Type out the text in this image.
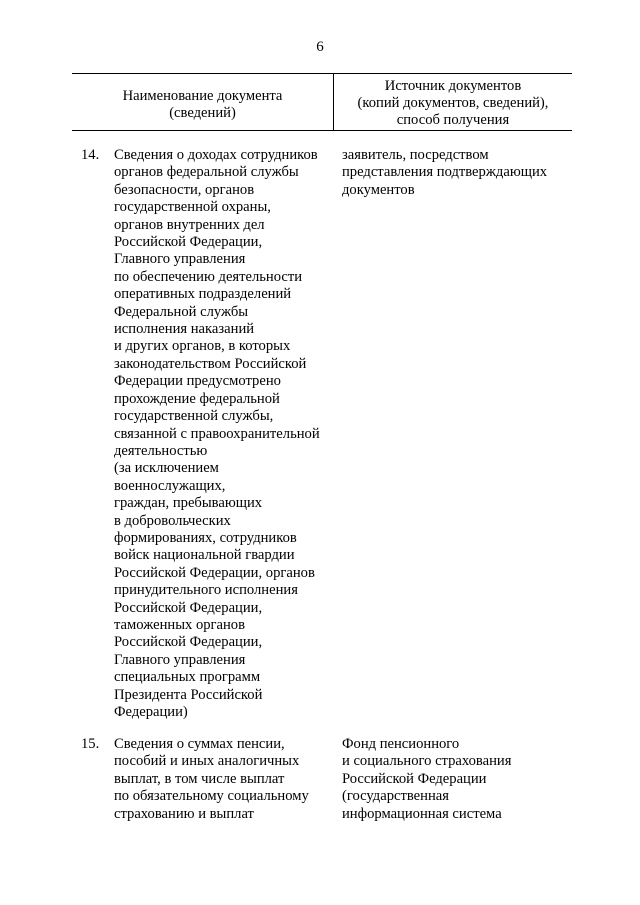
6
Наименование документа
(сведений)
Источник документов
(копий документов, сведений),
способ получения
14. Сведения о доходах сотрудников
органов федеральной службы
безопасности, органов
государственной охраны,
органов внутренних дел
Российской Федерации,
Главного управления
по обеспечению деятельности
оперативных подразделений
Федеральной службы
исполнения наказаний
и других органов, в которых
законодательством Российской
Федерации предусмотрено
прохождение федеральной
государственной службы,
связанной с правоохранительной
деятельностью
(за исключением
военнослужащих,
граждан, пребывающих
в добровольческих
формированиях, сотрудников
войск национальной гвардии
Российской Федерации, органов
принудительного исполнения
Российской Федерации,
таможенных органов
Российской Федерации,
Главного управления
специальных программ
Президента Российской
Федерации)
заявитель, посредством
представления подтверждающих
документов
15. Сведения о суммах пенсии,
пособий и иных аналогичных
выплат, в том числе выплат
по обязательному социальному
страхованию и выплат
Фонд пенсионного
и социального страхования
Российской Федерации
(государственная
информационная система
